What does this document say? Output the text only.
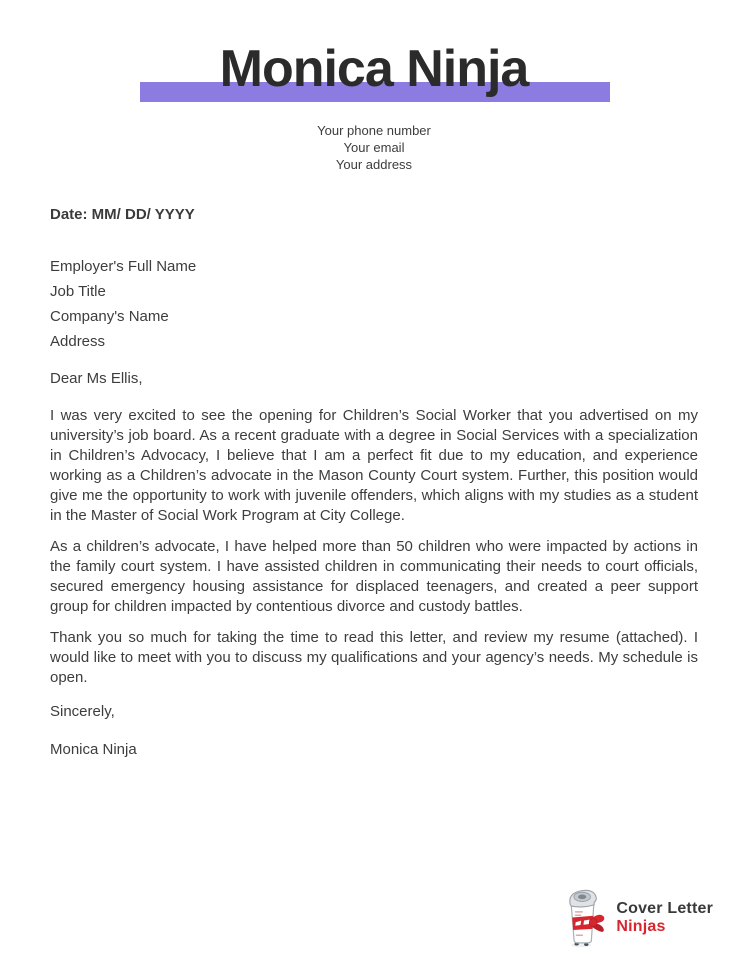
Monica Ninja
Your phone number
Your email
Your address

Date: MM/ DD/ YYYY

Employer's Full Name
Job Title
Company's Name
Address

Dear Ms Ellis,

I was very excited to see the opening for Children’s Social Worker that you advertised on my university’s job board. As a recent graduate with a degree in Social Services with a specialization in Children’s Advocacy, I believe that I am a perfect fit due to my education, and experience working as a Children’s advocate in the Mason County Court system. Further, this position would give me the opportunity to work with juvenile offenders, which aligns with my studies as a student in the Master of Social Work Program at City College.

As a children’s advocate, I have helped more than 50 children who were impacted by actions in the family court system. I have assisted children in communicating their needs to court officials, secured emergency housing assistance for displaced teenagers, and created a peer support group for children impacted by contentious divorce and custody battles.

Thank you so much for taking the time to read this letter, and review my resume (attached). I would like to meet with you to discuss my qualifications and your agency’s needs. My schedule is open.

Sincerely,

Monica Ninja

Cover Letter
Ninjas
